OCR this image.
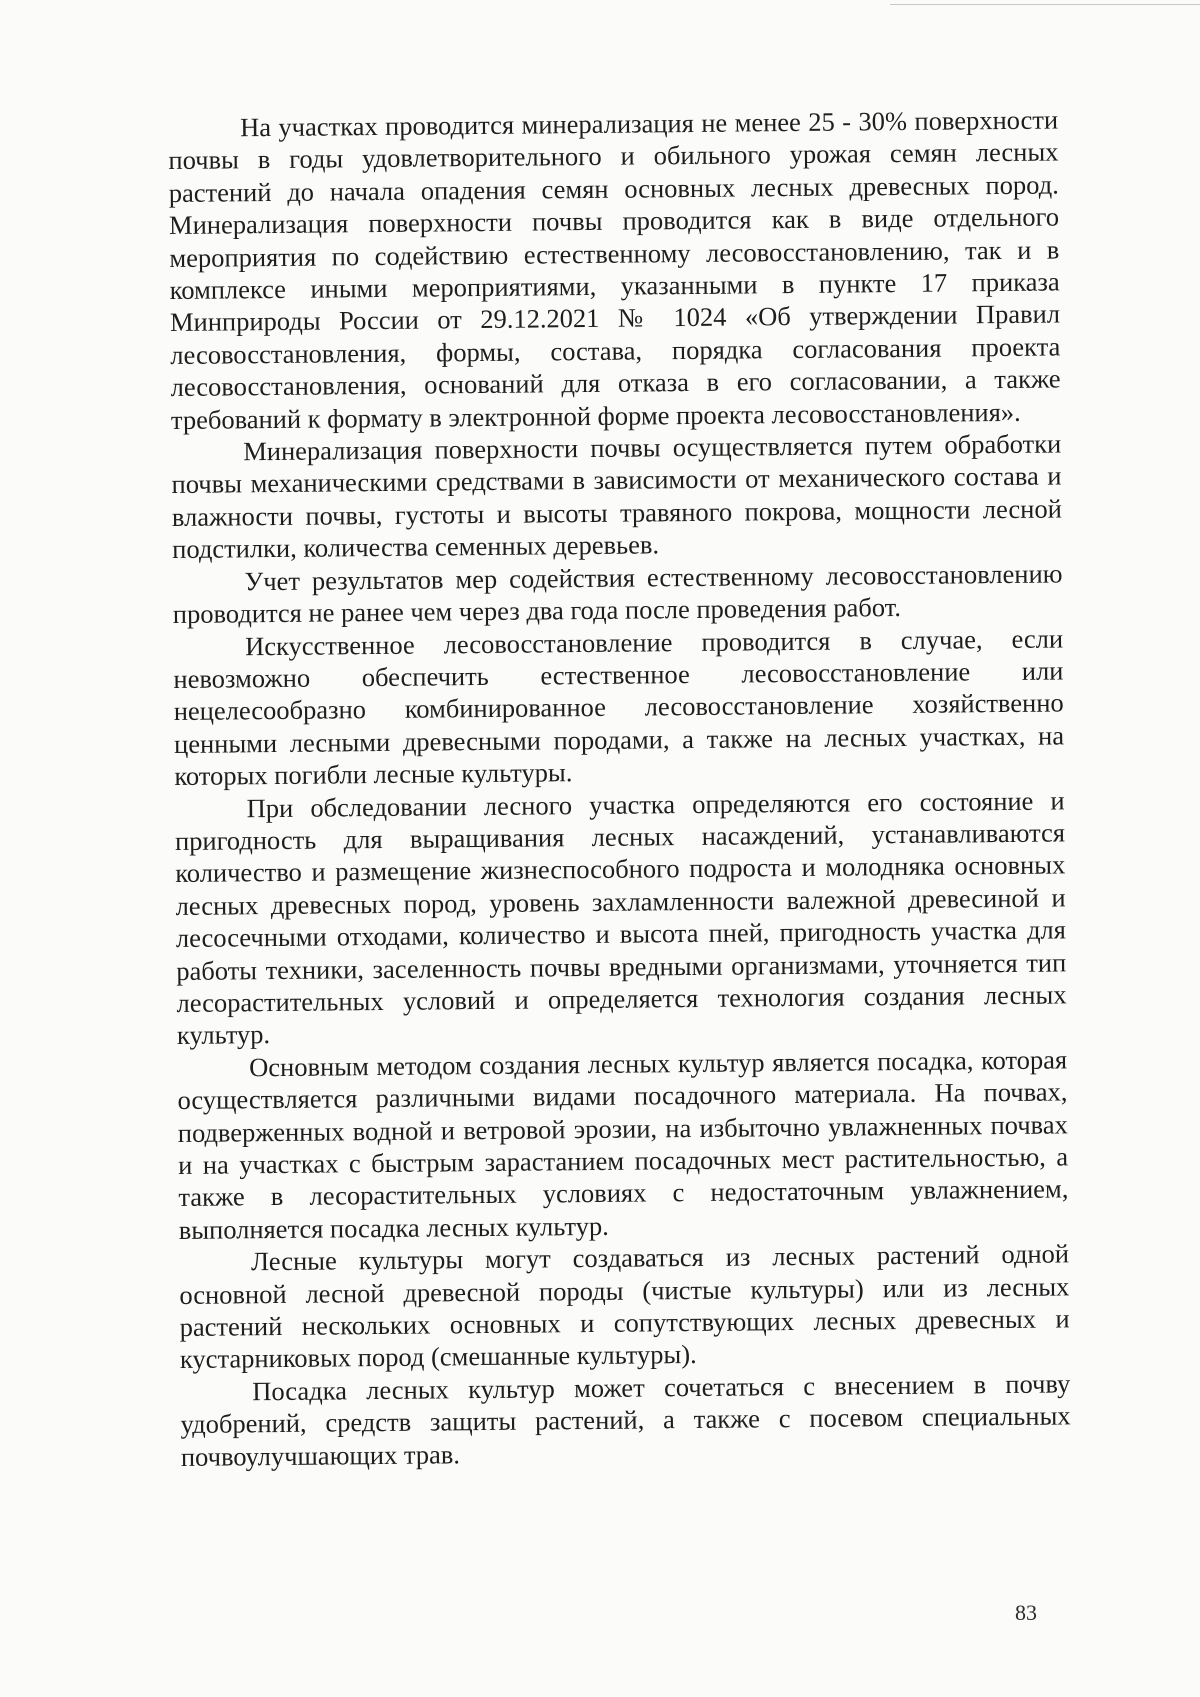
На участках проводится минерализация не менее 25 - 30% поверхности почвы в годы удовлетворительного и обильного урожая семян лесных растений до начала опадения семян основных лесных древесных пород. Минерализация поверхности почвы проводится как в виде отдельного мероприятия по содействию естественному лесовосстановлению, так и в комплексе иными мероприятиями, указанными в пункте 17 приказа Минприроды России от 29.12.2021 № 1024 «Об утверждении Правил лесовосстановления, формы, состава, порядка согласования проекта лесовосстановления, оснований для отказа в его согласовании, а также требований к формату в электронной форме проекта лесовосстановления».

Минерализация поверхности почвы осуществляется путем обработки почвы механическими средствами в зависимости от механического состава и влажности почвы, густоты и высоты травяного покрова, мощности лесной подстилки, количества семенных деревьев.

Учет результатов мер содействия естественному лесовосстановлению проводится не ранее чем через два года после проведения работ.

Искусственное лесовосстановление проводится в случае, если невозможно обеспечить естественное лесовосстановление или нецелесообразно комбинированное лесовосстановление хозяйственно ценными лесными древесными породами, а также на лесных участках, на которых погибли лесные культуры.

При обследовании лесного участка определяются его состояние и пригодность для выращивания лесных насаждений, устанавливаются количество и размещение жизнеспособного подроста и молодняка основных лесных древесных пород, уровень захламленности валежной древесиной и лесосечными отходами, количество и высота пней, пригодность участка для работы техники, заселенность почвы вредными организмами, уточняется тип лесорастительных условий и определяется технология создания лесных культур.

Основным методом создания лесных культур является посадка, которая осуществляется различными видами посадочного материала. На почвах, подверженных водной и ветровой эрозии, на избыточно увлажненных почвах и на участках с быстрым зарастанием посадочных мест растительностью, а также в лесорастительных условиях с недостаточным увлажнением, выполняется посадка лесных культур.

Лесные культуры могут создаваться из лесных растений одной основной лесной древесной породы (чистые культуры) или из лесных растений нескольких основных и сопутствующих лесных древесных и кустарниковых пород (смешанные культуры).

Посадка лесных культур может сочетаться с внесением в почву удобрений, средств защиты растений, а также с посевом специальных почвоулучшающих трав.

83
